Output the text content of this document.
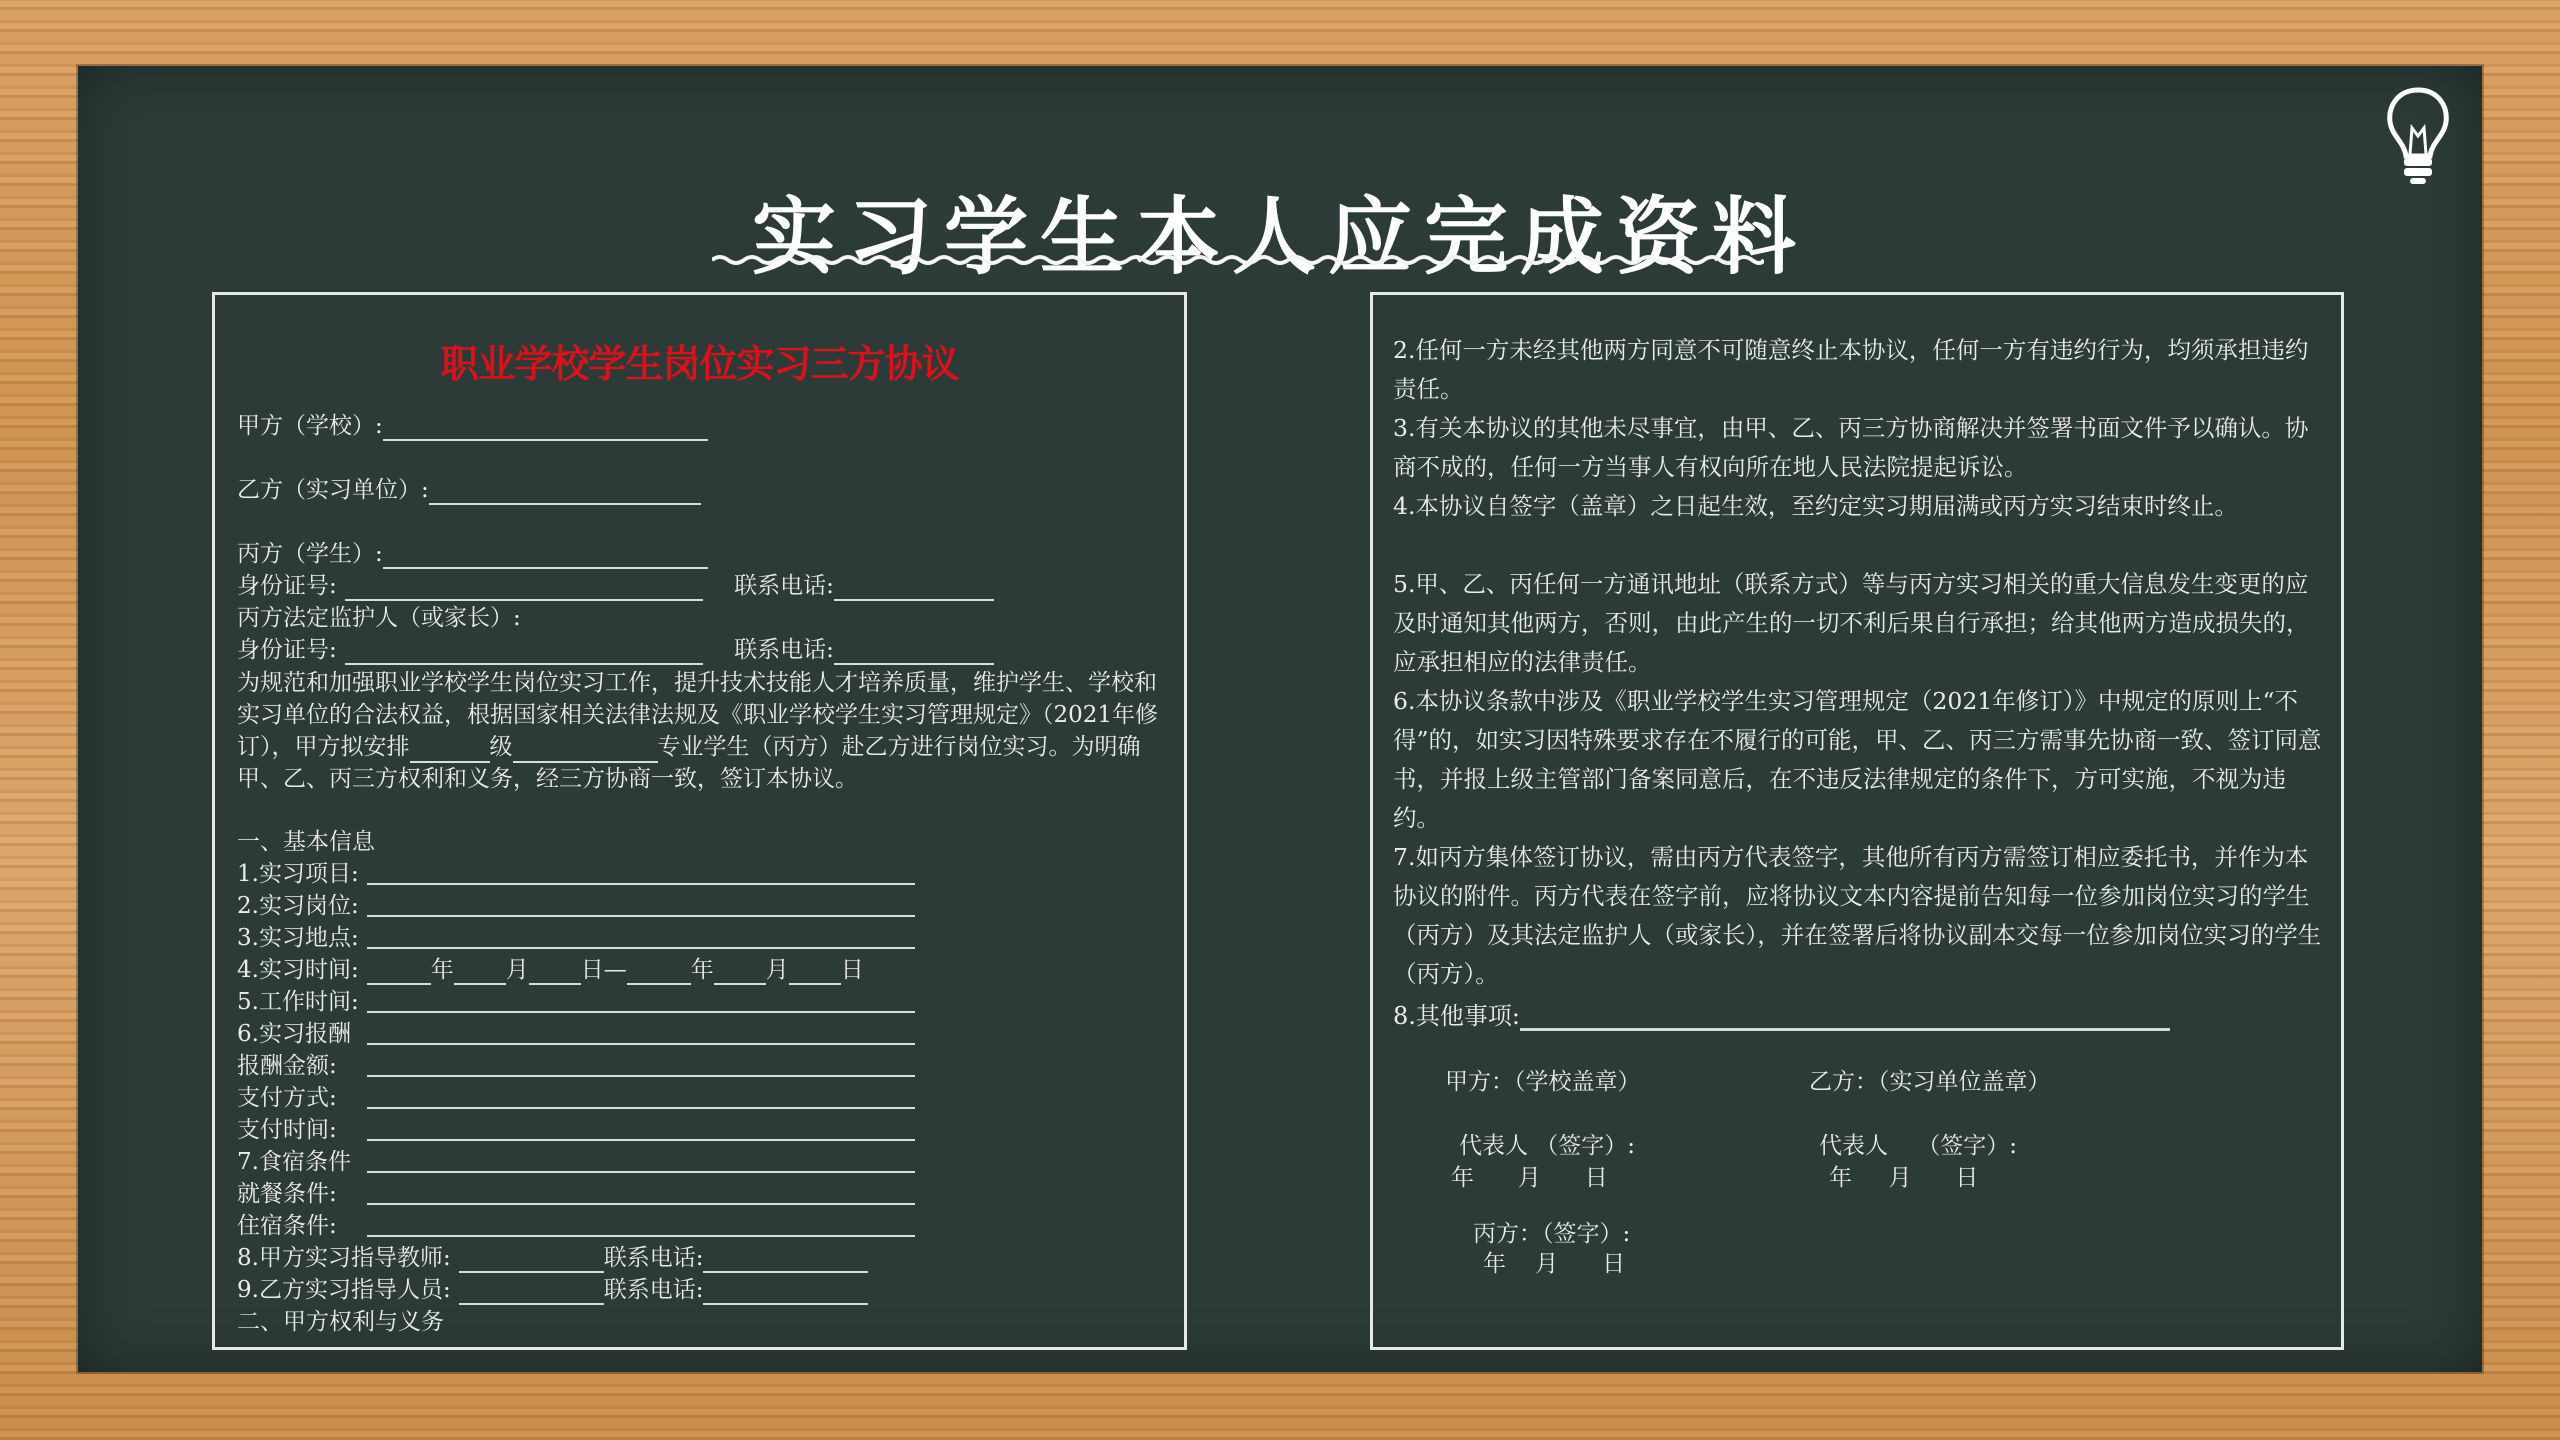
实习学生本人应完成资料
职业学校学生岗位实习三方协议
甲方（学校）:
乙方（实习单位）:
丙方（学生）:
身份证号:	联系电话:
丙方法定监护人（或家长）:
身份证号:	联系电话:
为规范和加强职业学校学生岗位实习工作，提升技术技能人才培养质量，维护学生、学校和实习单位的合法权益，根据国家相关法律法规及《职业学校学生实习管理规定》（2021年修订），甲方拟安排	级	专业学生（丙方）赴乙方进行岗位实习。为明确甲、乙、丙三方权利和义务，经三方协商一致，签订本协议。
一、基本信息
1.实习项目:
2.实习岗位:
3.实习地点:
4.实习时间:	年 月 日—	年 月 日
5.工作时间:
6.实习报酬
报酬金额:
支付方式:
支付时间:
7.食宿条件
就餐条件:
住宿条件:
8.甲方实习指导教师:	联系电话:
9.乙方实习指导人员:	联系电话:
二、甲方权利与义务
2.任何一方未经其他两方同意不可随意终止本协议，任何一方有违约行为，均须承担违约责任。
3.有关本协议的其他未尽事宜，由甲、乙、丙三方协商解决并签署书面文件予以确认。协商不成的，任何一方当事人有权向所在地人民法院提起诉讼。
4.本协议自签字（盖章）之日起生效，至约定实习期届满或丙方实习结束时终止。
5.甲、乙、丙任何一方通讯地址（联系方式）等与丙方实习相关的重大信息发生变更的应及时通知其他两方，否则，由此产生的一切不利后果自行承担；给其他两方造成损失的，应承担相应的法律责任。
6.本协议条款中涉及《职业学校学生实习管理规定（2021年修订）》中规定的原则上“不得”的，如实习因特殊要求存在不履行的可能，甲、乙、丙三方需事先协商一致、签订同意书，并报上级主管部门备案同意后，在不违反法律规定的条件下，方可实施，不视为违约。
7.如丙方集体签订协议，需由丙方代表签字，其他所有丙方需签订相应委托书，并作为本协议的附件。丙方代表在签字前，应将协议文本内容提前告知每一位参加岗位实习的学生（丙方）及其法定监护人（或家长），并在签署后将协议副本交每一位参加岗位实习的学生（丙方）。
8.其他事项:
甲方：（学校盖章）	乙方：（实习单位盖章）
代表人 （签字）:	代表人    （签字）:
年      月      日	年     月      日
丙方：（签字）:
年    月      日
